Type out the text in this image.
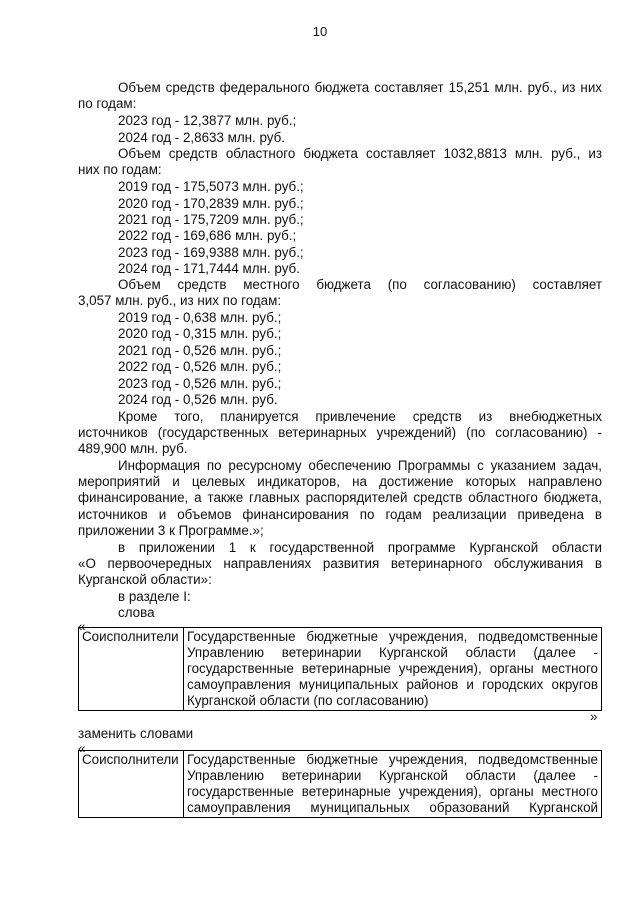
10
Объем средств федерального бюджета составляет 15,251 млн. руб., из них
по годам:
2023 год - 12,3877 млн. руб.;
2024 год - 2,8633 млн. руб.
Объем средств областного бюджета составляет 1032,8813 млн. руб., из
них по годам:
2019 год - 175,5073 млн. руб.;
2020 год - 170,2839 млн. руб.;
2021 год - 175,7209 млн. руб.;
2022 год - 169,686 млн. руб.;
2023 год - 169,9388 млн. руб.;
2024 год - 171,7444 млн. руб.
Объем средств местного бюджета (по согласованию) составляет
3,057 млн. руб., из них по годам:
2019 год - 0,638 млн. руб.;
2020 год - 0,315 млн. руб.;
2021 год - 0,526 млн. руб.;
2022 год - 0,526 млн. руб.;
2023 год - 0,526 млн. руб.;
2024 год - 0,526 млн. руб.
Кроме того, планируется привлечение средств из внебюджетных
источников (государственных ветеринарных учреждений) (по согласованию) -
489,900 млн. руб.
Информация по ресурсному обеспечению Программы с указанием задач,
мероприятий и целевых индикаторов, на достижение которых направлено
финансирование, а также главных распорядителей средств областного бюджета,
источников и объемов финансирования по годам реализации приведена в
приложении 3 к Программе.»;
в приложении 1 к государственной программе Курганской области
«О первоочередных направлениях развития ветеринарного обслуживания в
Курганской области»:
в разделе I:
слова
«
Соисполнители	Государственные бюджетные учреждения, подведомственные
Управлению ветеринарии Курганской области (далее -
государственные ветеринарные учреждения), органы местного
самоуправления муниципальных районов и городских округов
Курганской области (по согласованию)
»
заменить словами
«
Соисполнители	Государственные бюджетные учреждения, подведомственные
Управлению ветеринарии Курганской области (далее -
государственные ветеринарные учреждения), органы местного
самоуправления муниципальных образований Курганской
